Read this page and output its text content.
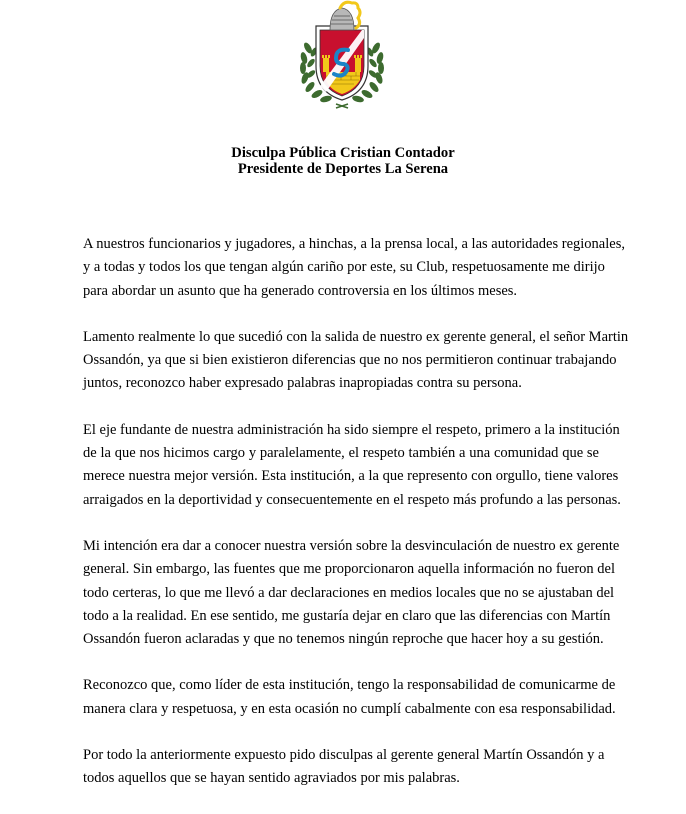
Disculpa Pública Cristian Contador
Presidente de Deportes La Serena

A nuestros funcionarios y jugadores, a hinchas, a la prensa local, a las autoridades regionales,
y a todas y todos los que tengan algún cariño por este, su Club, respetuosamente me dirijo
para abordar un asunto que ha generado controversia en los últimos meses.

Lamento realmente lo que sucedió con la salida de nuestro ex gerente general, el señor Martin
Ossandón, ya que si bien existieron diferencias que no nos permitieron continuar trabajando
juntos, reconozco haber expresado palabras inapropiadas contra su persona.

El eje fundante de nuestra administración ha sido siempre el respeto, primero a la institución
de la que nos hicimos cargo y paralelamente, el respeto también a una comunidad que se
merece nuestra mejor versión. Esta institución, a la que represento con orgullo, tiene valores
arraigados en la deportividad y consecuentemente en el respeto más profundo a las personas.

Mi intención era dar a conocer nuestra versión sobre la desvinculación de nuestro ex gerente
general. Sin embargo, las fuentes que me proporcionaron aquella información no fueron del
todo certeras, lo que me llevó a dar declaraciones en medios locales que no se ajustaban del
todo a la realidad. En ese sentido, me gustaría dejar en claro que las diferencias con Martín
Ossandón fueron aclaradas y que no tenemos ningún reproche que hacer hoy a su gestión.

Reconozco que, como líder de esta institución, tengo la responsabilidad de comunicarme de
manera clara y respetuosa, y en esta ocasión no cumplí cabalmente con esa responsabilidad.

Por todo la anteriormente expuesto pido disculpas al gerente general Martín Ossandón y a
todos aquellos que se hayan sentido agraviados por mis palabras.
